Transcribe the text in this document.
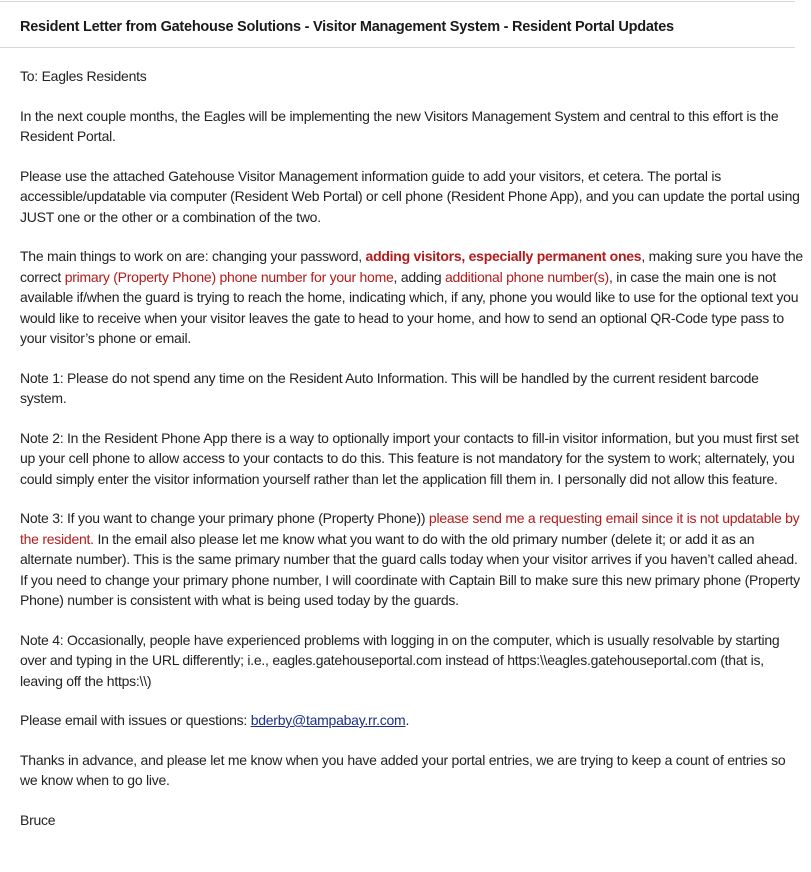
Resident Letter from Gatehouse Solutions - Visitor Management System - Resident Portal Updates

To: Eagles Residents

In the next couple months, the Eagles will be implementing the new Visitors Management System and central to this effort is the Resident Portal.

Please use the attached Gatehouse Visitor Management information guide to add your visitors, et cetera. The portal is accessible/updatable via computer (Resident Web Portal) or cell phone (Resident Phone App), and you can update the portal using JUST one or the other or a combination of the two.

The main things to work on are: changing your password, adding visitors, especially permanent ones, making sure you have the correct primary (Property Phone) phone number for your home, adding additional phone number(s), in case the main one is not available if/when the guard is trying to reach the home, indicating which, if any, phone you would like to use for the optional text you would like to receive when your visitor leaves the gate to head to your home, and how to send an optional QR-Code type pass to your visitor’s phone or email.

Note 1: Please do not spend any time on the Resident Auto Information. This will be handled by the current resident barcode system.

Note 2: In the Resident Phone App there is a way to optionally import your contacts to fill-in visitor information, but you must first set up your cell phone to allow access to your contacts to do this. This feature is not mandatory for the system to work; alternately, you could simply enter the visitor information yourself rather than let the application fill them in. I personally did not allow this feature.

Note 3: If you want to change your primary phone (Property Phone)) please send me a requesting email since it is not updatable by the resident. In the email also please let me know what you want to do with the old primary number (delete it; or add it as an alternate number). This is the same primary number that the guard calls today when your visitor arrives if you haven’t called ahead. If you need to change your primary phone number, I will coordinate with Captain Bill to make sure this new primary phone (Property Phone) number is consistent with what is being used today by the guards.

Note 4: Occasionally, people have experienced problems with logging in on the computer, which is usually resolvable by starting over and typing in the URL differently; i.e., eagles.gatehouseportal.com instead of https:\\eagles.gatehouseportal.com (that is, leaving off the https:\\)

Please email with issues or questions: bderby@tampabay.rr.com.

Thanks in advance, and please let me know when you have added your portal entries, we are trying to keep a count of entries so we know when to go live.

Bruce
